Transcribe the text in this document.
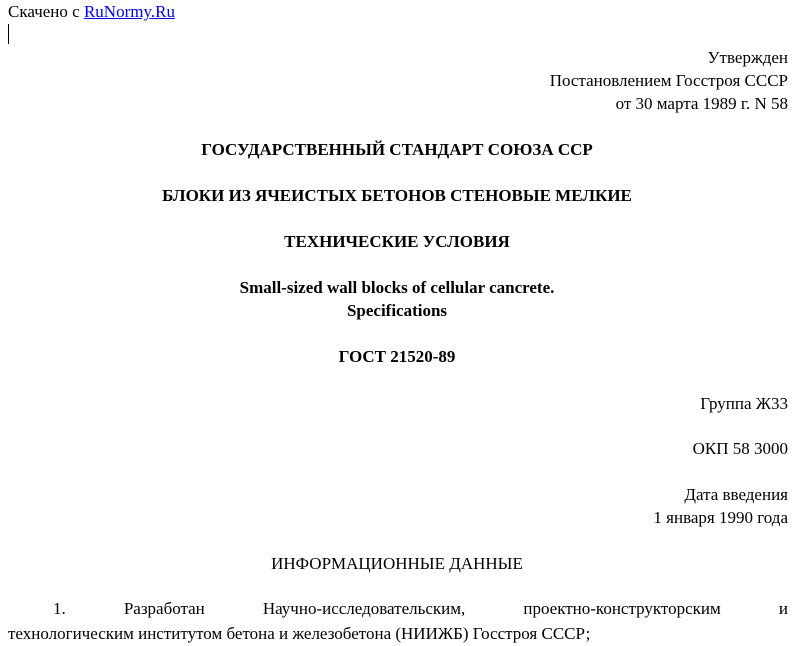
Скачено с RuNormy.Ru
Утвержден
Постановлением Госстроя СССР
от 30 марта 1989 г. N 58
ГОСУДАРСТВЕННЫЙ СТАНДАРТ СОЮЗА ССР
БЛОКИ ИЗ ЯЧЕИСТЫХ БЕТОНОВ СТЕНОВЫЕ МЕЛКИЕ
ТЕХНИЧЕСКИЕ УСЛОВИЯ
Small-sized wall blocks of cellular cancrete.
Specifications
ГОСТ 21520-89
Группа Ж33
ОКП 58 3000
Дата введения
1 января 1990 года
ИНФОРМАЦИОННЫЕ ДАННЫЕ
1.	Разработан	Научно-исследовательским,	проектно-конструкторским	и
технологическим институтом бетона и железобетона (НИИЖБ) Госстроя СССР;
